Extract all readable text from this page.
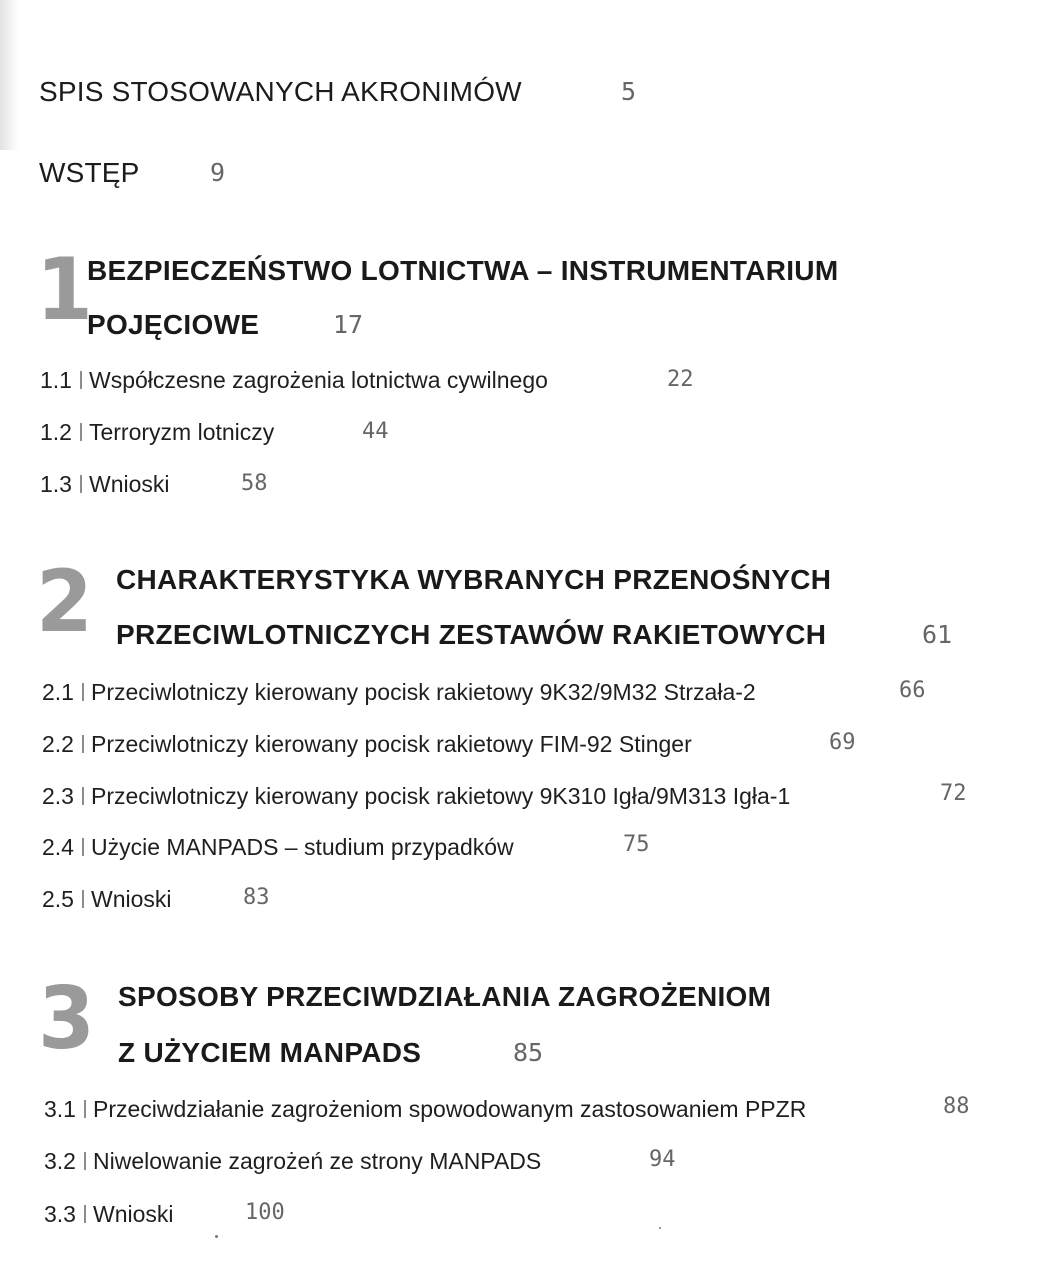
SPIS STOSOWANYCH AKRONIMÓW	5
WSTĘP	9
1
BEZPIECZEŃSTWO LOTNICTWA – INSTRUMENTARIUM
POJĘCIOWE	17
1.1 Współczesne zagrożenia lotnictwa cywilnego	22
1.2 Terroryzm lotniczy	44
1.3 Wnioski	58
2 CHARAKTERYSTYKA WYBRANYCH PRZENOŚNYCH
PRZECIWLOTNICZYCH ZESTAWÓW RAKIETOWYCH	61
2.1 Przeciwlotniczy kierowany pocisk rakietowy 9K32/9M32 Strzała-2	66
2.2 Przeciwlotniczy kierowany pocisk rakietowy FIM-92 Stinger	69
2.3 Przeciwlotniczy kierowany pocisk rakietowy 9K310 Igła/9M313 Igła-1	72
2.4 Użycie MANPADS – studium przypadków	75
2.5 Wnioski	83
3 SPOSOBY PRZECIWDZIAŁANIA ZAGROŻENIOM
Z UŻYCIEM MANPADS	85
3.1 Przeciwdziałanie zagrożeniom spowodowanym zastosowaniem PPZR	88
3.2 Niwelowanie zagrożeń ze strony MANPADS	94
3.3 Wnioski	100
